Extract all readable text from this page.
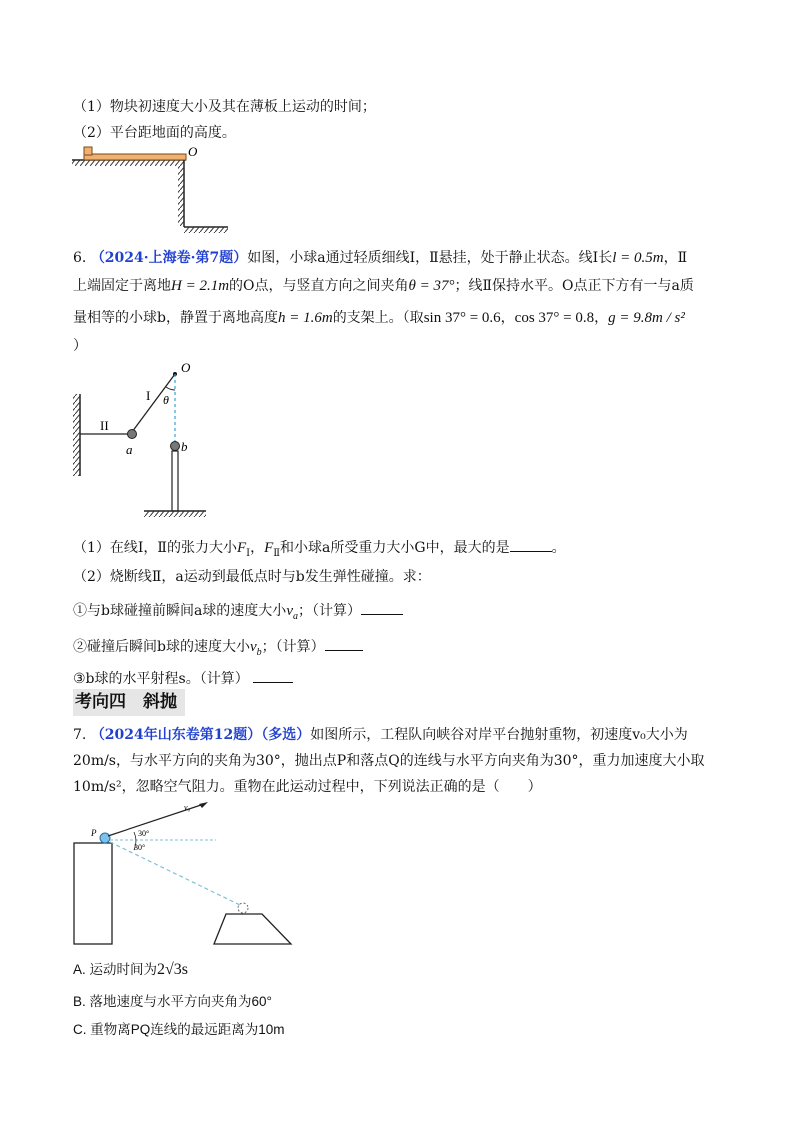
（1）物块初速度大小及其在薄板上运动的时间；
（2）平台距地面的高度。
O
6. （2024·上海卷·第7题）如图，小球a通过轻质细线Ⅰ，Ⅱ悬挂，处于静止状态。线Ⅰ长l = 0.5m，Ⅱ
上端固定于离地H = 2.1m的O点，与竖直方向之间夹角θ = 37°；线Ⅱ保持水平。O点正下方有一与a质
量相等的小球b，静置于离地高度h = 1.6m的支架上。（取sin 37° = 0.6，cos 37° = 0.8，g = 9.8m / s²
）
O
I θ
II
a	b
（1）在线Ⅰ，Ⅱ的张力大小$F_Ⅰ$，$F_Ⅱ$和小球a所受重力大小G中，最大的是	。
（2）烧断线Ⅱ，a运动到最低点时与b发生弹性碰撞。求：
①与b球碰撞前瞬间a球的速度大小$v_a$；（计算）
②碰撞后瞬间b球的速度大小$v_b$；（计算）
③b球的水平射程s。（计算）
考向四　斜抛
7. （2024年山东卷第12题）（多选）如图所示，工程队向峡谷对岸平台抛射重物，初速度v₀大小为
20m/s，与水平方向的夹角为30°，抛出点P和落点Q的连线与水平方向夹角为30°，重力加速度大小取
10m/s²，忽略空气阻力。重物在此运动过程中，下列说法正确的是（　　）
v₀
P	30°
30°
A. 运动时间为2√3s
B. 落地速度与水平方向夹角为60°
C. 重物离PQ连线的最远距离为10m
